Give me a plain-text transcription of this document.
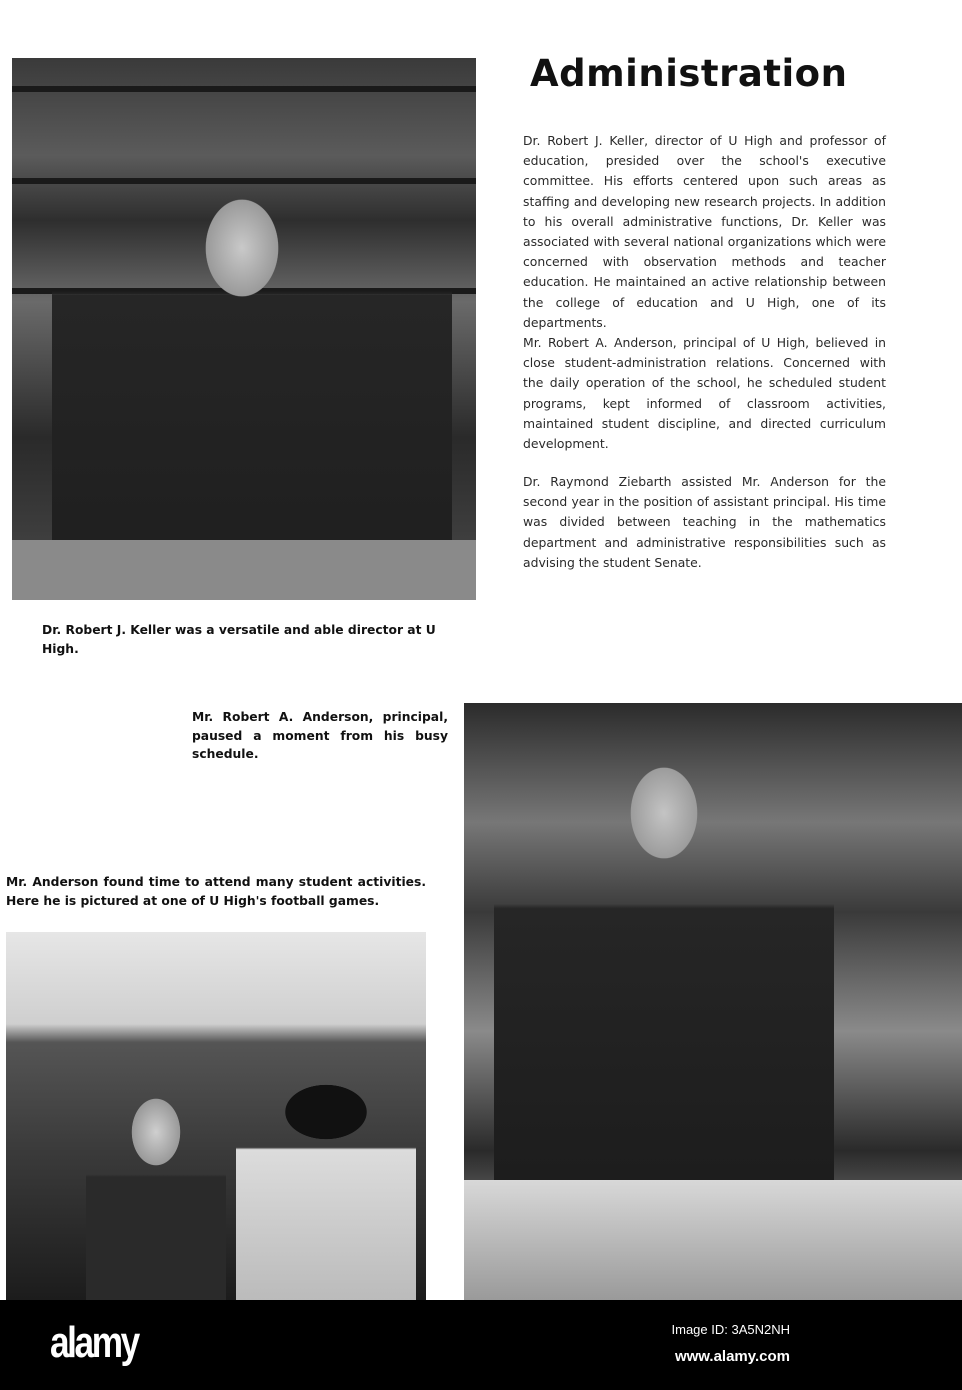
Administration

Dr. Robert J. Keller, director of U High and professor of education, presided over the school's executive committee. His efforts centered upon such areas as staffing and developing new research projects. In addition to his overall administrative functions, Dr. Keller was associated with several national organizations which were concerned with observation methods and teacher education. He maintained an active relationship between the college of education and U High, one of its departments.

Mr. Robert A. Anderson, principal of U High, believed in close student-administration relations. Concerned with the daily operation of the school, he scheduled student programs, kept informed of classroom activities, maintained student discipline, and directed curriculum development.

Dr. Raymond Ziebarth assisted Mr. Anderson for the second year in the position of assistant principal. His time was divided between teaching in the mathematics department and administrative responsibilities such as advising the student Senate.

Dr. Robert J. Keller was a versatile and able director at U High.

Mr. Robert A. Anderson, principal, paused a moment from his busy schedule.

Mr. Anderson found time to attend many student activities. Here he is pictured at one of U High's football games.

alamy	Image ID: 3A5N2NH
www.alamy.com
